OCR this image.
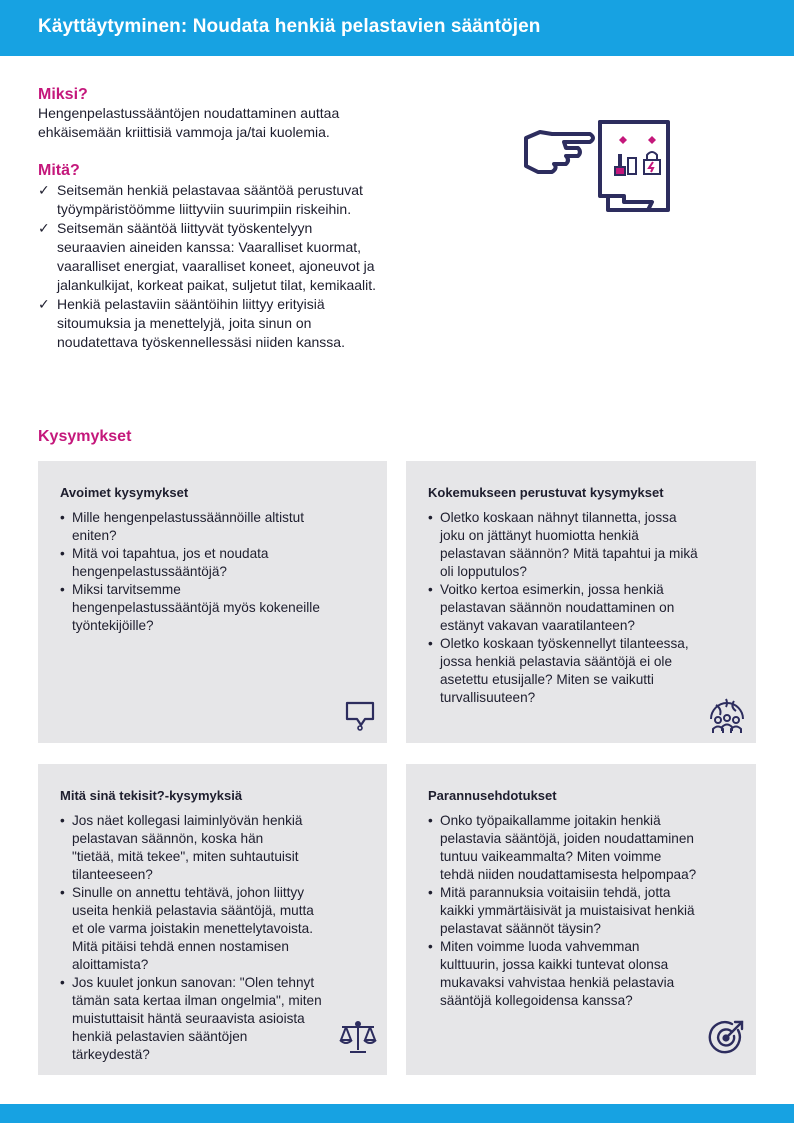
Käyttäytyminen: Noudata henkiä pelastavien sääntöjen
Miksi?

Hengenpelastussääntöjen noudattaminen auttaa
ehkäisemään kriittisiä vammoja ja/tai kuolemia.

Mitä?
✓ Seitsemän henkiä pelastavaa sääntöä perustuvat
työympäristöömme liittyviin suurimpiin riskeihin.
✓ Seitsemän sääntöä liittyvät työskentelyyn
seuraavien aineiden kanssa: Vaaralliset kuormat,
vaaralliset energiat, vaaralliset koneet, ajoneuvot ja
jalankulkijat, korkeat paikat, suljetut tilat, kemikaalit.
✓ Henkiä pelastaviin sääntöihin liittyy erityisiä
sitoumuksia ja menettelyjä, joita sinun on
noudatettava työskennellessäsi niiden kanssa.
Kysymykset
Avoimet kysymykset
• Mille hengenpelastussäännöille altistut
eniten?
• Mitä voi tapahtua, jos et noudata
hengenpelastussääntöjä?
• Miksi tarvitsemme
hengenpelastussääntöjä myös kokeneille
työntekijöille?
Kokemukseen perustuvat kysymykset
• Oletko koskaan nähnyt tilannetta, jossa
joku on jättänyt huomiotta henkiä
pelastavan säännön? Mitä tapahtui ja mikä
oli lopputulos?
• Voitko kertoa esimerkin, jossa henkiä
pelastavan säännön noudattaminen on
estänyt vakavan vaaratilanteen?
• Oletko koskaan työskennellyt tilanteessa,
jossa henkiä pelastavia sääntöjä ei ole
asetettu etusijalle? Miten se vaikutti
turvallisuuteen?
Mitä sinä tekisit?-kysymyksiä
• Jos näet kollegasi laiminlyövän henkiä
pelastavan säännön, koska hän
"tietää, mitä tekee", miten suhtautuisit
tilanteeseen?
• Sinulle on annettu tehtävä, johon liittyy
useita henkiä pelastavia sääntöjä, mutta
et ole varma joistakin menettelytavoista.
Mitä pitäisi tehdä ennen nostamisen
aloittamista?
• Jos kuulet jonkun sanovan: "Olen tehnyt
tämän sata kertaa ilman ongelmia", miten
muistuttaisit häntä seuraavista asioista
henkiä pelastavien sääntöjen
tärkeydestä?
Parannusehdotukset
• Onko työpaikallamme joitakin henkiä
pelastavia sääntöjä, joiden noudattaminen
tuntuu vaikeammalta? Miten voimme
tehdä niiden noudattamisesta helpompaa?
• Mitä parannuksia voitaisiin tehdä, jotta
kaikki ymmärtäisivät ja muistaisivat henkiä
pelastavat säännöt täysin?
• Miten voimme luoda vahvemman
kulttuurin, jossa kaikki tuntevat olonsa
mukavaksi vahvistaa henkiä pelastavia
sääntöjä kollegoidensa kanssa?
